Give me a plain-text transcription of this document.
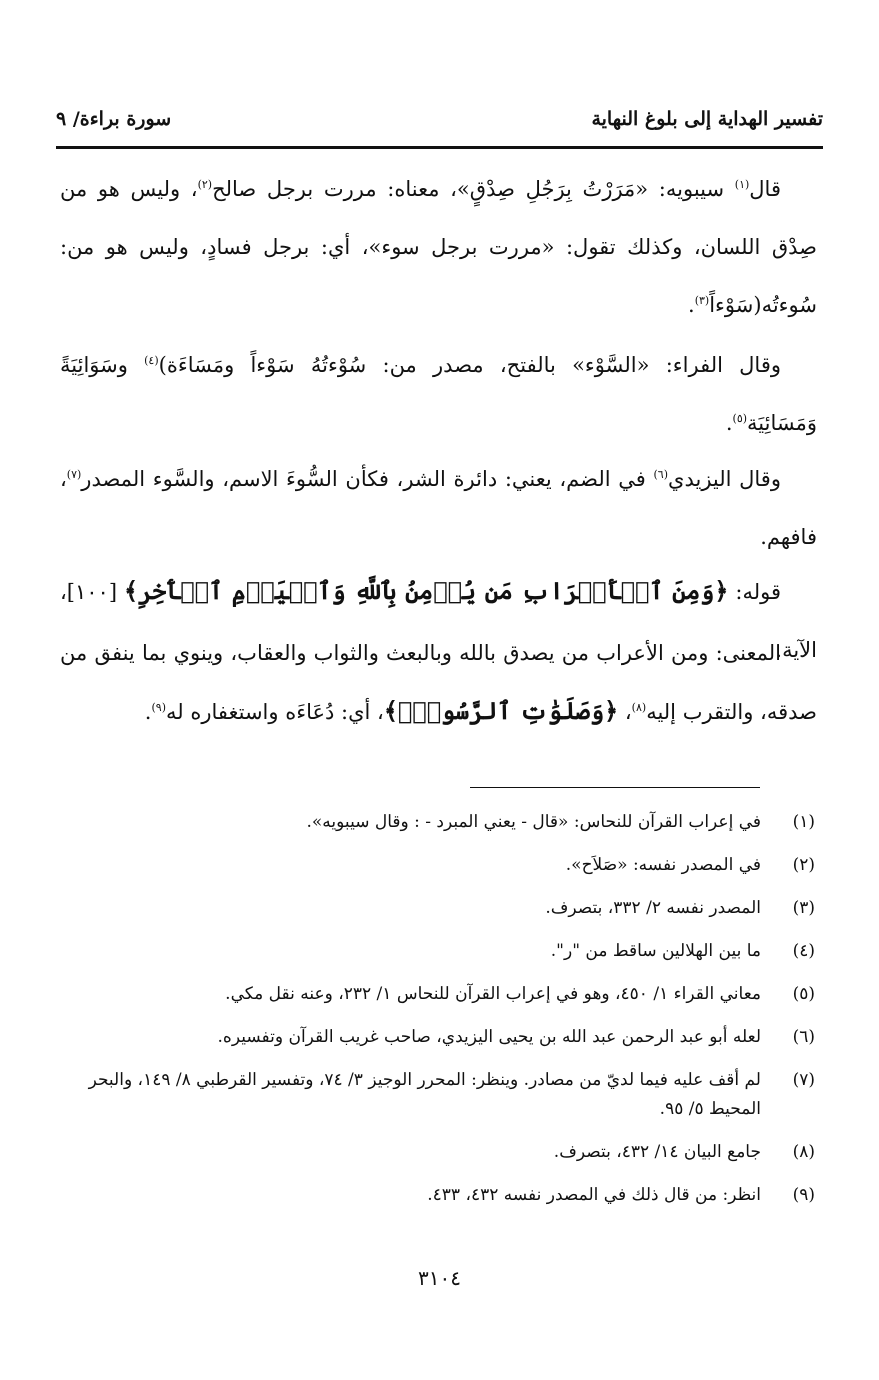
تفسير الهداية إلى بلوغ النهاية
سورة براءة/ ٩

قال$^{(١)}$ سيبويه: «مَرَرْتُ بِرَجُلِ صِدْقٍ»، معناه: مررت برجل صالح$^{(٢)}$، وليس هو من صِدْق اللسان، وكذلك تقول: «مررت برجل سوء»، أي: برجل فسادٍ، وليس هو من: سُوءتُه(سَوْءاً$^{(٣)}$.

وقال الفراء: «السَّوْء» بالفتح، مصدر من: سُوْءتُهُ سَوْءاً ومَسَاءَة)$^{(٤)}$ وسَوَائِيَةً وَمَسَائِيَة$^{(٥)}$.

وقال اليزيدي$^{(٦)}$ في الضم، يعني: دائرة الشر، فكأن السُّوءَ الاسم، والسَّوء المصدر$^{(٧)}$، فافهم.

قوله: ﴿وَمِنَ ٱلۡأَعۡرَابِ مَن يُؤۡمِنُ بِٱللَّهِ وَٱلۡيَوۡمِ ٱلۡأٓخِرِ﴾ [١٠٠]، الآية.

المعنى: ومن الأعراب من يصدق بالله وبالبعث والثواب والعقاب، وينوي بما ينفق من صدقه، والتقرب إليه$^{(٨)}$، ﴿وَصَلَوَٰتِ ٱلرَّسُولِۚ﴾، أي: دُعَاءَه واستغفاره له$^{(٩)}$.

(١)
في إعراب القرآن للنحاس: «قال - يعني المبرد - : وقال سيبويه».
(٢)
في المصدر نفسه: «صَلاَح».
(٣)
المصدر نفسه ٢/ ٣٣٢، بتصرف.
(٤)
ما بين الهلالين ساقط من "ر".
(٥)
معاني القراء ١/ ٤٥٠، وهو في إعراب القرآن للنحاس ١/ ٢٣٢، وعنه نقل مكي.
(٦)
لعله أبو عبد الرحمن عبد الله بن يحيى اليزيدي، صاحب غريب القرآن وتفسيره.
(٧)
لم أقف عليه فيما لديّ من مصادر. وينظر: المحرر الوجيز ٣/ ٧٤، وتفسير القرطبي ٨/ ١٤٩، والبحر المحيط ٥/ ٩٥.
(٨)
جامع البيان ١٤/ ٤٣٢، بتصرف.
(٩)
انظر: من قال ذلك في المصدر نفسه ٤٣٢، ٤٣٣.
٣١٠٤
